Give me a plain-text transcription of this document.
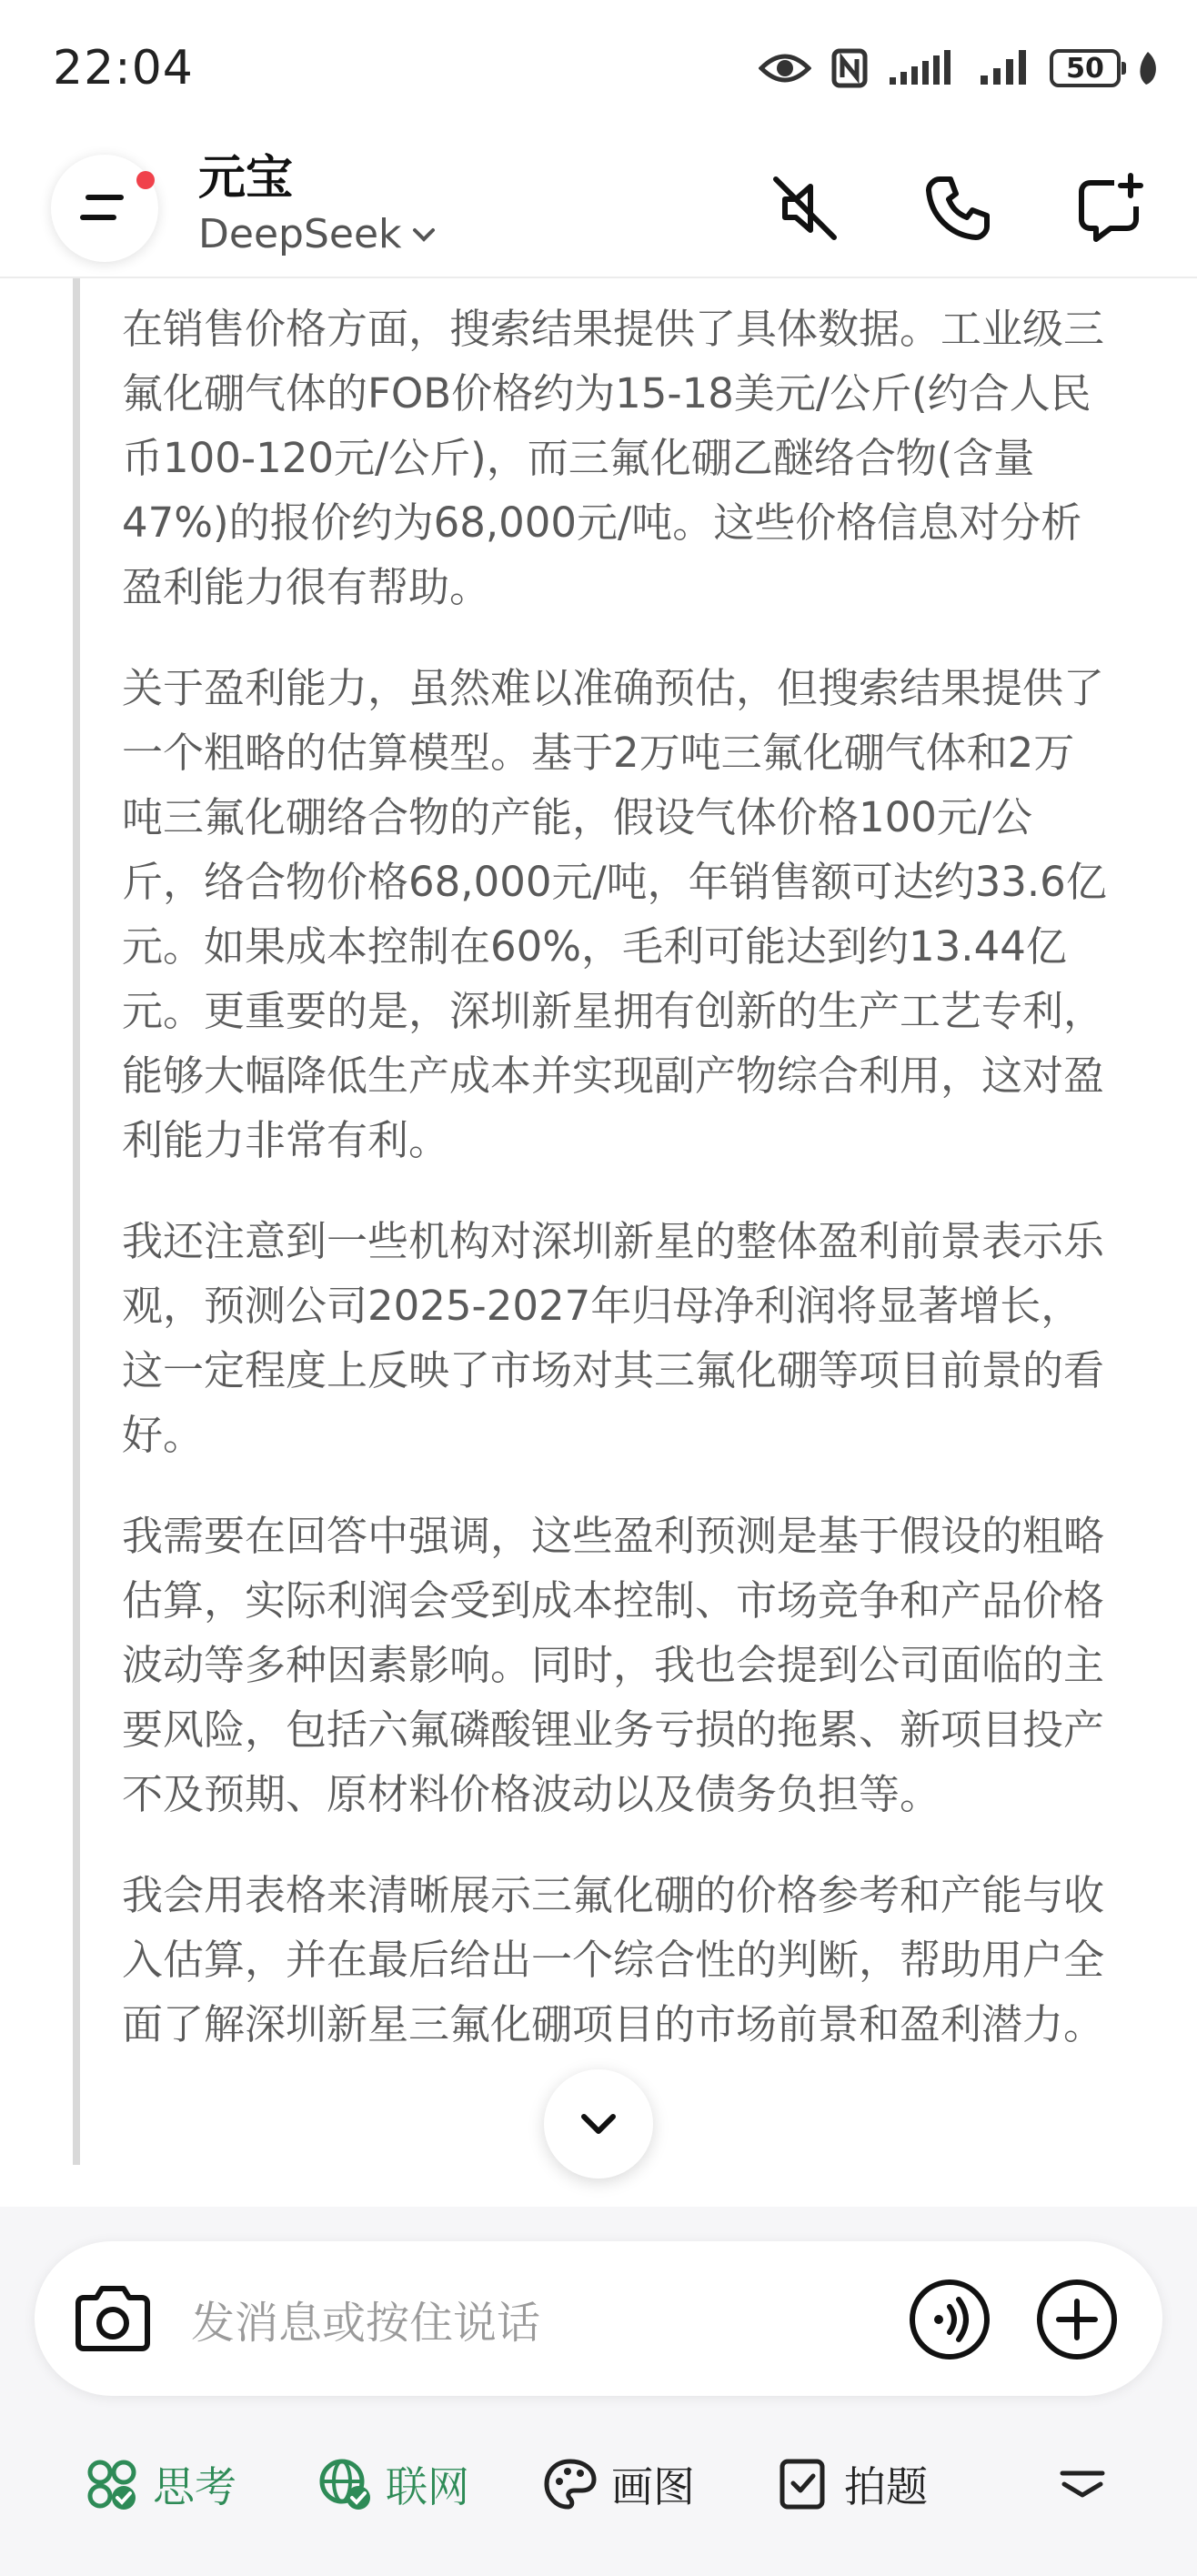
22:04	50
元宝
DeepSeek

在销售价格方面，搜索结果提供了具体数据。工业级三氟化硼气体的FOB价格约为15-18美元/公斤(约合人民币100-120元/公斤)，而三氟化硼乙醚络合物(含量47%)的报价约为68,000元/吨。这些价格信息对分析盈利能力很有帮助。

关于盈利能力，虽然难以准确预估，但搜索结果提供了一个粗略的估算模型。基于2万吨三氟化硼气体和2万吨三氟化硼络合物的产能，假设气体价格100元/公斤，络合物价格68,000元/吨，年销售额可达约33.6亿元。如果成本控制在60%，毛利可能达到约13.44亿元。更重要的是，深圳新星拥有创新的生产工艺专利，能够大幅降低生产成本并实现副产物综合利用，这对盈利能力非常有利。

我还注意到一些机构对深圳新星的整体盈利前景表示乐观，预测公司2025-2027年归母净利润将显著增长，这一定程度上反映了市场对其三氟化硼等项目前景的看好。

我需要在回答中强调，这些盈利预测是基于假设的粗略估算，实际利润会受到成本控制、市场竞争和产品价格波动等多种因素影响。同时，我也会提到公司面临的主要风险，包括六氟磷酸锂业务亏损的拖累、新项目投产不及预期、原材料价格波动以及债务负担等。

我会用表格来清晰展示三氟化硼的价格参考和产能与收入估算，并在最后给出一个综合性的判断，帮助用户全面了解深圳新星三氟化硼项目的市场前景和盈利潜力。

发消息或按住说话
思考	联网	画图	拍题
